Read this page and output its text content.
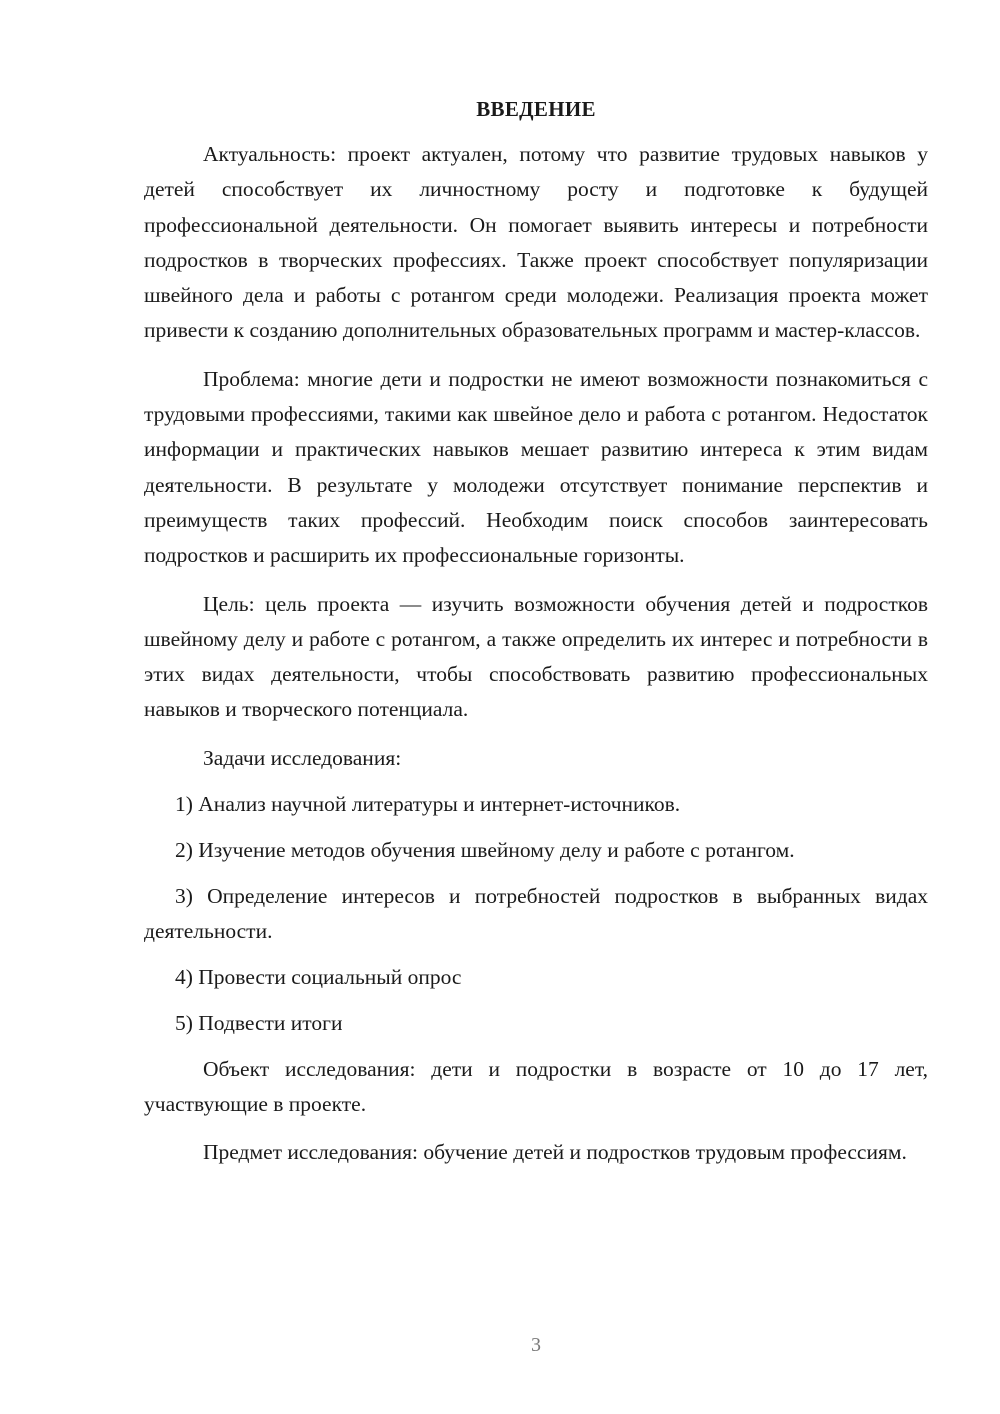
ВВЕДЕНИЕ

Актуальность: проект актуален, потому что развитие трудовых навыков у детей способствует их личностному росту и подготовке к будущей профессиональной деятельности. Он помогает выявить интересы и потребности подростков в творческих профессиях. Также проект способствует популяризации швейного дела и работы с ротангом среди молодежи. Реализация проекта может привести к созданию дополнительных образовательных программ и мастер-классов.

Проблема: многие дети и подростки не имеют возможности познакомиться с трудовыми профессиями, такими как швейное дело и работа с ротангом. Недостаток информации и практических навыков мешает развитию интереса к этим видам деятельности. В результате у молодежи отсутствует понимание перспектив и преимуществ таких профессий. Необходим поиск способов заинтересовать подростков и расширить их профессиональные горизонты.

Цель: цель проекта — изучить возможности обучения детей и подростков швейному делу и работе с ротангом, а также определить их интерес и потребности в этих видах деятельности, чтобы способствовать развитию профессиональных навыков и творческого потенциала.

Задачи исследования:

1) Анализ научной литературы и интернет-источников.

2) Изучение методов обучения швейному делу и работе с ротангом.

3) Определение интересов и потребностей подростков в выбранных видах деятельности.

4) Провести социальный опрос

5) Подвести итоги

Объект исследования: дети и подростки в возрасте от 10 до 17 лет, участвующие в проекте.

Предмет исследования: обучение детей и подростков трудовым профессиям.

3
